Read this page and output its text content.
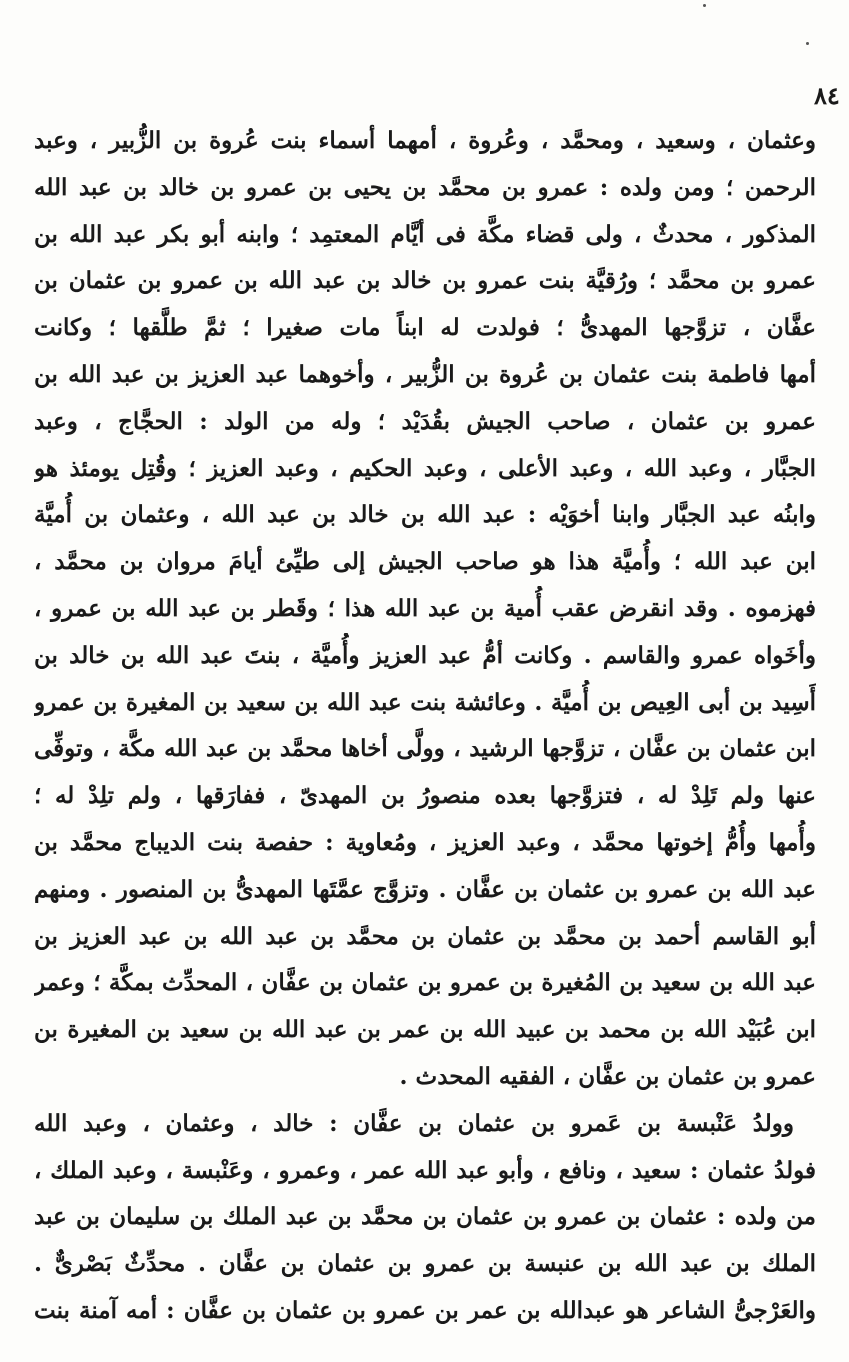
٨٤
وعثمان ، وسعيد ، ومحمَّد ، وعُروة ، أمهما أسماء بنت عُروة بن الزُّبير ، وعبد
الرحمن ؛ ومن ولده : عمرو بن محمَّد بن يحيى بن عمرو بن خالد بن عبد الله
المذكور ، محدثٌ ، ولى قضاء مكَّة فى أيَّام المعتمِد ؛ وابنه أبو بكر عبد الله بن
عمرو بن محمَّد ؛ ورُقيَّة بنت عمرو بن خالد بن عبد الله بن عمرو بن عثمان بن
عفَّان ، تزوَّجها المهدىُّ ؛ فولدت له ابناً مات صغيرا ؛ ثمَّ طلَّقها ؛ وكانت
أمها فاطمة بنت عثمان بن عُروة بن الزُّبير ، وأخوهما عبد العزيز بن عبد الله بن
عمرو بن عثمان ، صاحب الجيش بقُدَيْد ؛ وله من الولد : الحجَّاج ، وعبد
الجبَّار ، وعبد الله ، وعبد الأعلى ، وعبد الحكيم ، وعبد العزيز ؛ وقُتِل يومئذ هو
وابنُه عبد الجبَّار وابنا أخوَيْه : عبد الله بن خالد بن عبد الله ، وعثمان بن أُميَّة
ابن عبد الله ؛ وأُميَّة هذا هو صاحب الجيش إلى طيِّئ أيامَ مروان بن محمَّد ،
فهزموه . وقد انقرض عقب أُمية بن عبد الله هذا ؛ وقَطر بن عبد الله بن عمرو ،
وأخَواه عمرو والقاسم . وكانت أمُّ عبد العزيز وأُميَّة ، بنتَ عبد الله بن خالد بن
أَسِيد بن أبى العِيص بن أُميَّة . وعائشة بنت عبد الله بن سعيد بن المغيرة بن عمرو
ابن عثمان بن عفَّان ، تزوَّجها الرشيد ، وولَّى أخاها محمَّد بن عبد الله مكَّة ، وتوفِّى
عنها ولم تَلِدْ له ، فتزوَّجها بعده منصورُ بن المهدىّ ، ففارَقها ، ولم تلِدْ له ؛
وأُمها وأُمُّ إخوتها محمَّد ، وعبد العزيز ، ومُعاوية : حفصة بنت الديباج محمَّد بن
عبد الله بن عمرو بن عثمان بن عفَّان . وتزوَّج عمَّتَها المهدىُّ بن المنصور . ومنهم
أبو القاسم أحمد بن محمَّد بن عثمان بن محمَّد بن عبد الله بن عبد العزيز بن
عبد الله بن سعيد بن المُغيرة بن عمرو بن عثمان بن عفَّان ، المحدِّث بمكَّة ؛ وعمر
ابن عُبَيْد الله بن محمد بن عبيد الله بن عمر بن عبد الله بن سعيد بن المغيرة بن
عمرو بن عثمان بن عفَّان ، الفقيه المحدث .
وولدُ عَنْبسة بن عَمرو بن عثمان بن عفَّان : خالد ، وعثمان ، وعبد الله
فولدُ عثمان : سعيد ، ونافع ، وأبو عبد الله عمر ، وعمرو ، وعَنْبسة ، وعبد الملك ،
من ولده : عثمان بن عمرو بن عثمان بن محمَّد بن عبد الملك بن سليمان بن عبد
الملك بن عبد الله بن عنبسة بن عمرو بن عثمان بن عفَّان . محدِّثٌ بَصْرىٌّ .
والعَرْجىُّ الشاعر هو عبدالله بن عمر بن عمرو بن عثمان بن عفَّان : أمه آمنة بنت
